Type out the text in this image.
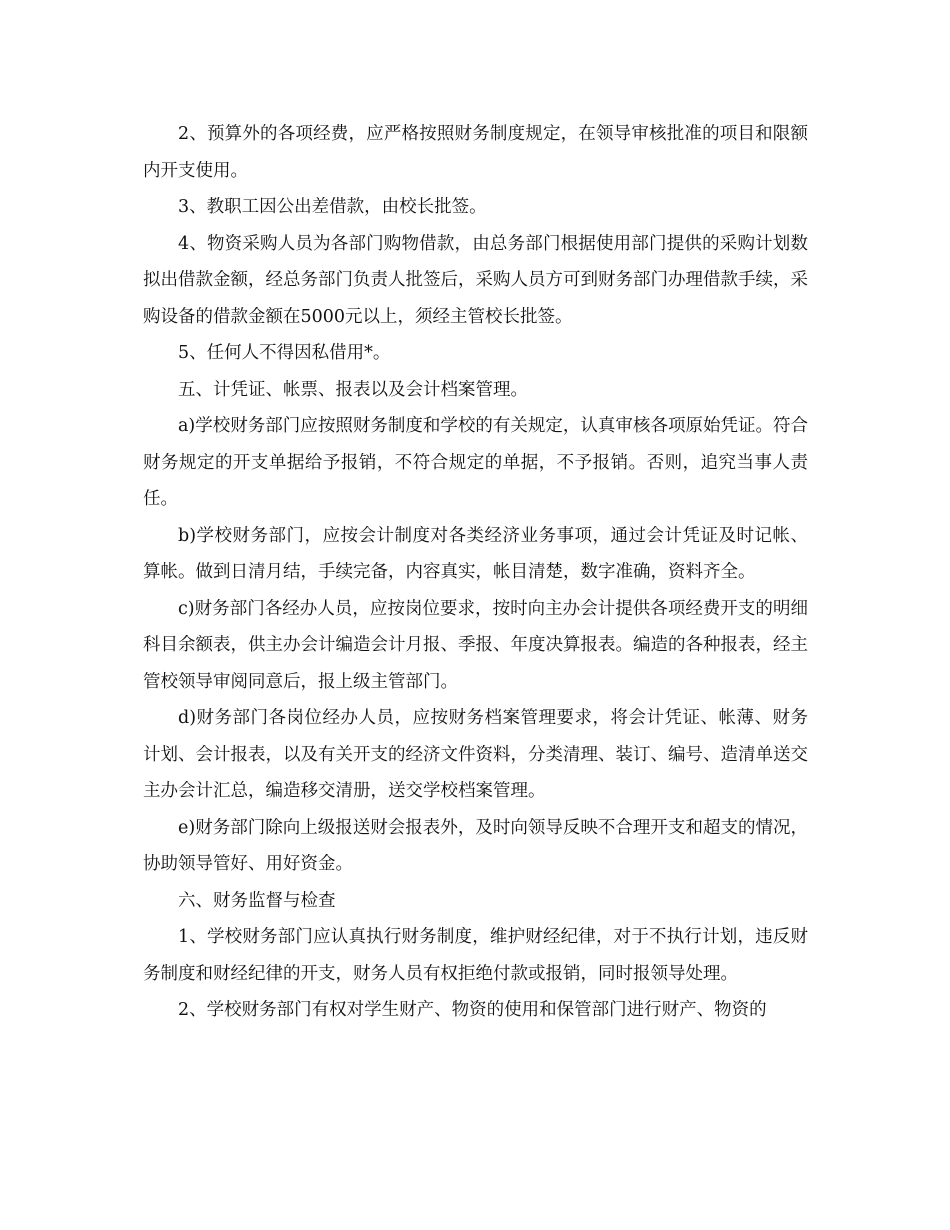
2、预算外的各项经费，应严格按照财务制度规定，在领导审核批准的项目和限额内开支使用。

3、教职工因公出差借款，由校长批签。

4、物资采购人员为各部门购物借款，由总务部门根据使用部门提供的采购计划数拟出借款金额，经总务部门负责人批签后，采购人员方可到财务部门办理借款手续，采购设备的借款金额在5000元以上，须经主管校长批签。

5、任何人不得因私借用*。

五、计凭证、帐票、报表以及会计档案管理。

a)学校财务部门应按照财务制度和学校的有关规定，认真审核各项原始凭证。符合财务规定的开支单据给予报销，不符合规定的单据，不予报销。否则，追究当事人责任。

b)学校财务部门，应按会计制度对各类经济业务事项，通过会计凭证及时记帐、算帐。做到日清月结，手续完备，内容真实，帐目清楚，数字准确，资料齐全。

c)财务部门各经办人员，应按岗位要求，按时向主办会计提供各项经费开支的明细科目余额表，供主办会计编造会计月报、季报、年度决算报表。编造的各种报表，经主管校领导审阅同意后，报上级主管部门。

d)财务部门各岗位经办人员，应按财务档案管理要求，将会计凭证、帐薄、财务计划、会计报表，以及有关开支的经济文件资料，分类清理、装订、编号、造清单送交主办会计汇总，编造移交清册，送交学校档案管理。

e)财务部门除向上级报送财会报表外，及时向领导反映不合理开支和超支的情况，协助领导管好、用好资金。

六、财务监督与检查

1、学校财务部门应认真执行财务制度，维护财经纪律，对于不执行计划，违反财务制度和财经纪律的开支，财务人员有权拒绝付款或报销，同时报领导处理。

2、学校财务部门有权对学生财产、物资的使用和保管部门进行财产、物资的
